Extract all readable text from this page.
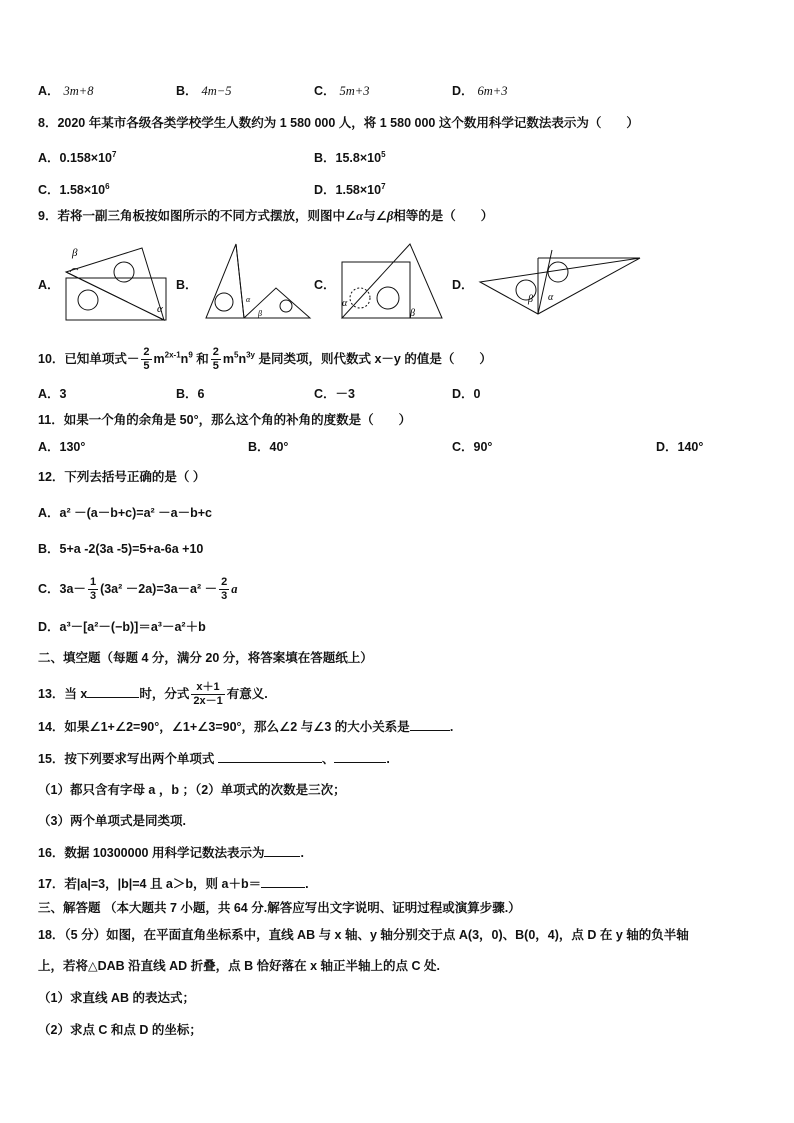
A． 3m+8	B． 4m−5	C． 5m+3	D． 6m+3
8．2020 年某市各级各类学校学生人数约为 1 580 000 人，将 1 580 000 这个数用科学记数法表示为（　　）
A．$0.158\times 10^7$	B．$15.8\times 10^5$
C．$1.58\times 10^6$	D．$1.58\times 10^7$
9．若将一副三角板按如图所示的不同方式摆放，则图中∠α与∠β相等的是（　　）
A．	B．	C．	D．
β
α
α
β
α
β
β α
10．已知单项式－ $\frac{2}{5} m^{2x-1}n^9$ 和 $\frac{2}{5} m^5n^{3y}$ 是同类项，则代数式 x－y 的值是（　　）
A．3	B．6	C．－3	D．0
11．如果一个角的余角是 50°，那么这个角的补角的度数是（　　）
A．130°	B．40°	C．90°	D．140°
12．下列去括号正确的是（ ）
A．a² －(a－b+c)=a² －a－b+c
B．5+a -2(3a -5)=5+a-6a +10
C．$3a- \frac{1}{3} (3a^2 -2a)=3a-a^2 - \frac{2}{3}$ a
D．a³－[a²－(−b)]＝a³－a²＋b
二、填空题（每题 4 分，满分 20 分，将答案填在答题纸上）
13．当 x	时，分式 $\frac{x+1}{2x-1}$ 有意义.
14．如果∠1+∠2=90°，∠1+∠3=90°，那么∠2 与∠3 的大小关系是	.
15．按下列要求写出两个单项式	、	.
（1）都只含有字母 a ，b ；（2）单项式的次数是三次；
（3）两个单项式是同类项.
16．数据 10300000 用科学记数法表示为	.
17．若|a|=3，|b|=4 且 a＞b，则 a＋b＝	.
三、解答题 （本大题共 7 小题，共 64 分.解答应写出文字说明、证明过程或演算步骤.）
18．（5 分）如图，在平面直角坐标系中，直线 AB 与 x 轴、y 轴分别交于点 A(3，0)、B(0，4)，点 D 在 y 轴的负半轴
上，若将△DAB 沿直线 AD 折叠，点 B 恰好落在 x 轴正半轴上的点 C 处.
（1）求直线 AB 的表达式；
（2）求点 C 和点 D 的坐标；
